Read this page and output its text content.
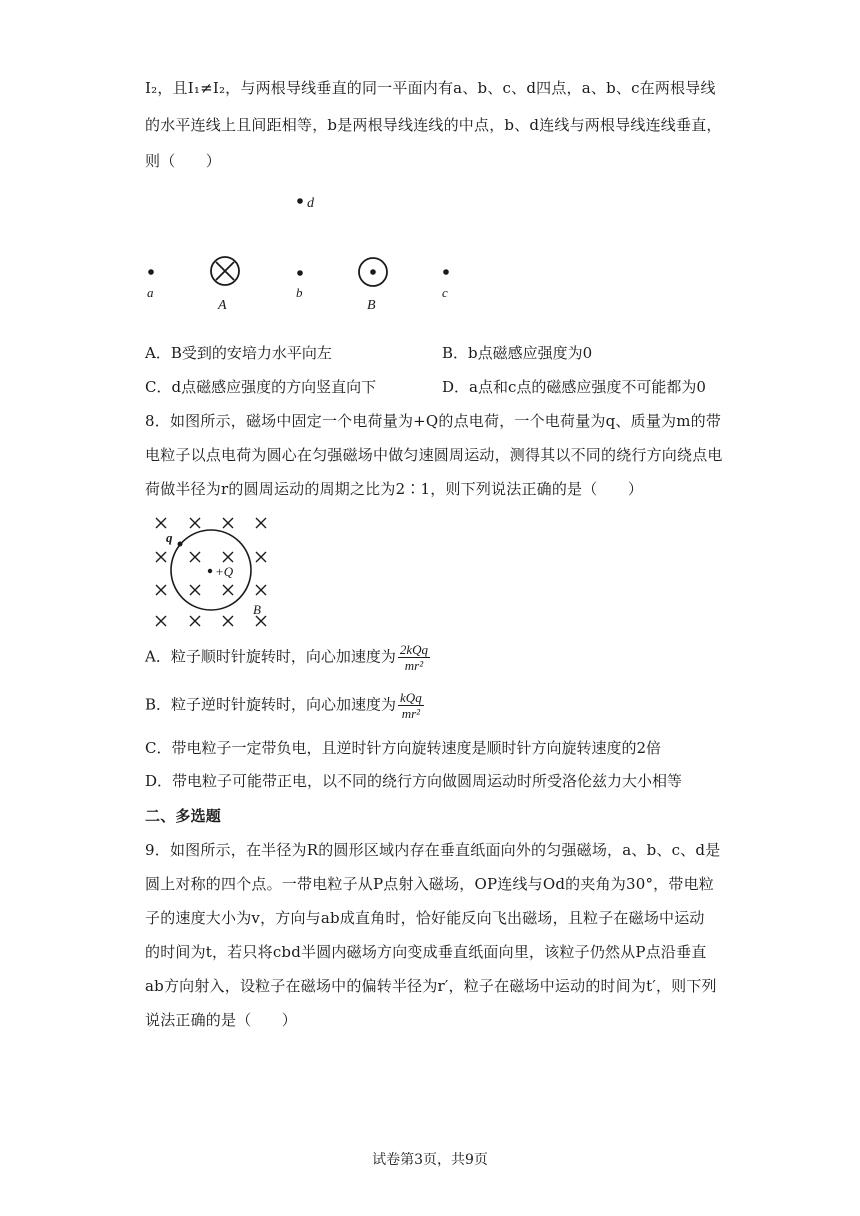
I₂，且I₁≠I₂，与两根导线垂直的同一平面内有a、b、c、d四点，a、b、c在两根导线
的水平连线上且间距相等，b是两根导线连线的中点，b、d连线与两根导线连线垂直，
则（　　）
d
a
A
b
B
c
A．B受到的安培力水平向左	B．b点磁感应强度为0
C．d点磁感应强度的方向竖直向下	D．a点和c点的磁感应强度不可能都为0
8．如图所示，磁场中固定一个电荷量为+Q的点电荷，一个电荷量为q、质量为m的带
电粒子以点电荷为圆心在匀强磁场中做匀速圆周运动，测得其以不同的绕行方向绕点电
荷做半径为r的圆周运动的周期之比为2∶1，则下列说法正确的是（　　）
q
+Q
B
A．粒子顺时针旋转时，向心加速度为 $\frac{\text{2kQq}}{\text{mr²}}$
B．粒子逆时针旋转时，向心加速度为 $\frac{\text{kQq}}{\text{mr²}}$
C．带电粒子一定带负电，且逆时针方向旋转速度是顺时针方向旋转速度的2倍
D．带电粒子可能带正电，以不同的绕行方向做圆周运动时所受洛伦兹力大小相等
二、多选题
9．如图所示，在半径为R的圆形区域内存在垂直纸面向外的匀强磁场，a、b、c、d是
圆上对称的四个点。一带电粒子从P点射入磁场，OP连线与Od的夹角为30°，带电粒
子的速度大小为v，方向与ab成直角时，恰好能反向飞出磁场，且粒子在磁场中运动
的时间为t，若只将cbd半圆内磁场方向变成垂直纸面向里，该粒子仍然从P点沿垂直
ab方向射入，设粒子在磁场中的偏转半径为r′，粒子在磁场中运动的时间为t′，则下列
说法正确的是（　　）
试卷第3页，共9页
